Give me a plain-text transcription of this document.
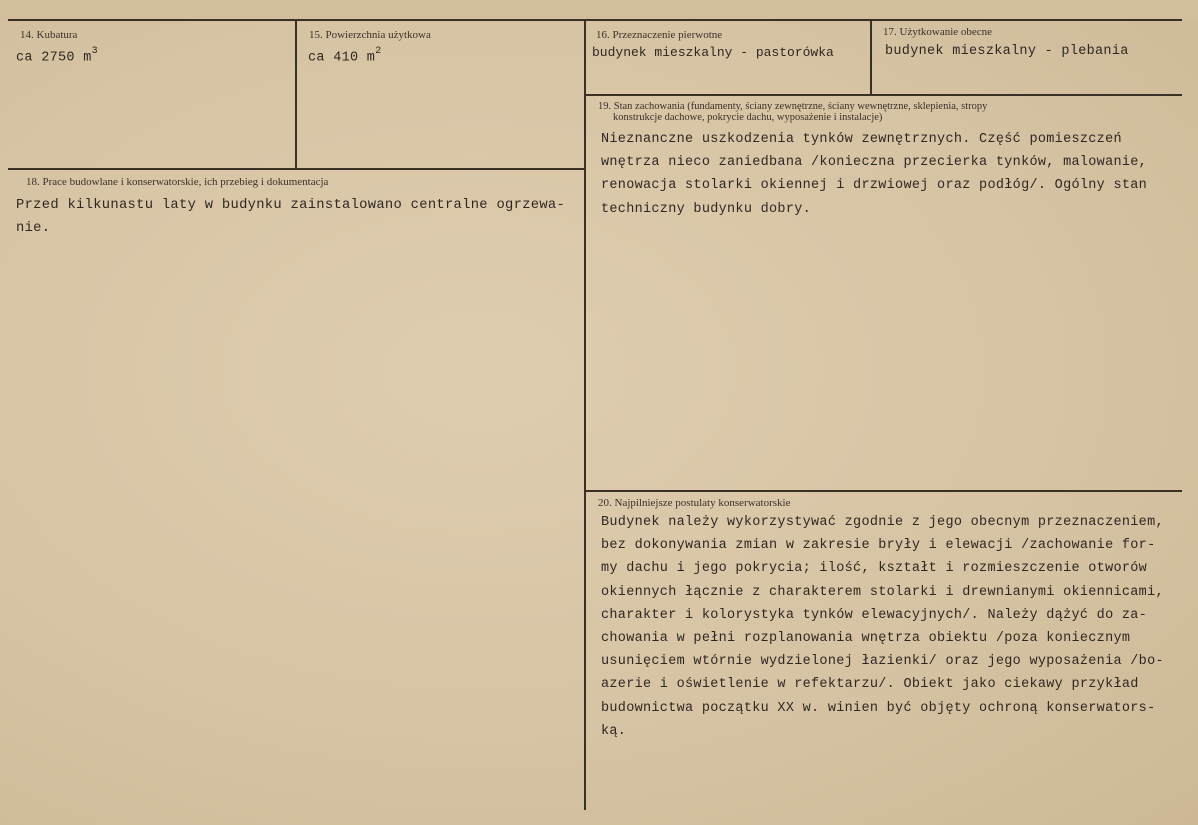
14. Kubatura
ca 2750 $m^3$
15. Powierzchnia użytkowa
ca 410 $m^2$
16. Przeznaczenie pierwotne
budynek mieszkalny - pastorówka
17. Użytkowanie obecne
budynek mieszkalny - plebania
19. Stan zachowania (fundamenty, ściany zewnętrzne, ściany wewnętrzne, sklepienia, stropy
konstrukcje dachowe, pokrycie dachu, wyposażenie i instalacje)
Nieznanczne uszkodzenia tynków zewnętrznych. Część pomieszczeń
wnętrza nieco zaniedbana /konieczna przecierka tynków, malowanie,
renowacja stolarki okiennej i drzwiowej oraz podłóg/. Ogólny stan
techniczny budynku dobry.
18. Prace budowlane i konserwatorskie, ich przebieg i dokumentacja
Przed kilkunastu laty w budynku zainstalowano centralne ogrzewa-
nie.
20. Najpilniejsze postulaty konserwatorskie
Budynek należy wykorzystywać zgodnie z jego obecnym przeznaczeniem,
bez dokonywania zmian w zakresie bryły i elewacji /zachowanie for-
my dachu i jego pokrycia; ilość, kształt i rozmieszczenie otworów
okiennych łącznie z charakterem stolarki i drewnianymi okiennicami,
charakter i kolorystyka tynków elewacyjnych/. Należy dążyć do za-
chowania w pełni rozplanowania wnętrza obiektu /poza koniecznym
usunięciem wtórnie wydzielonej łazienki/ oraz jego wyposażenia /bo-
azerie i oświetlenie w refektarzu/. Obiekt jako ciekawy przykład
budownictwa początku XX w. winien być objęty ochroną konserwators-
ką.
